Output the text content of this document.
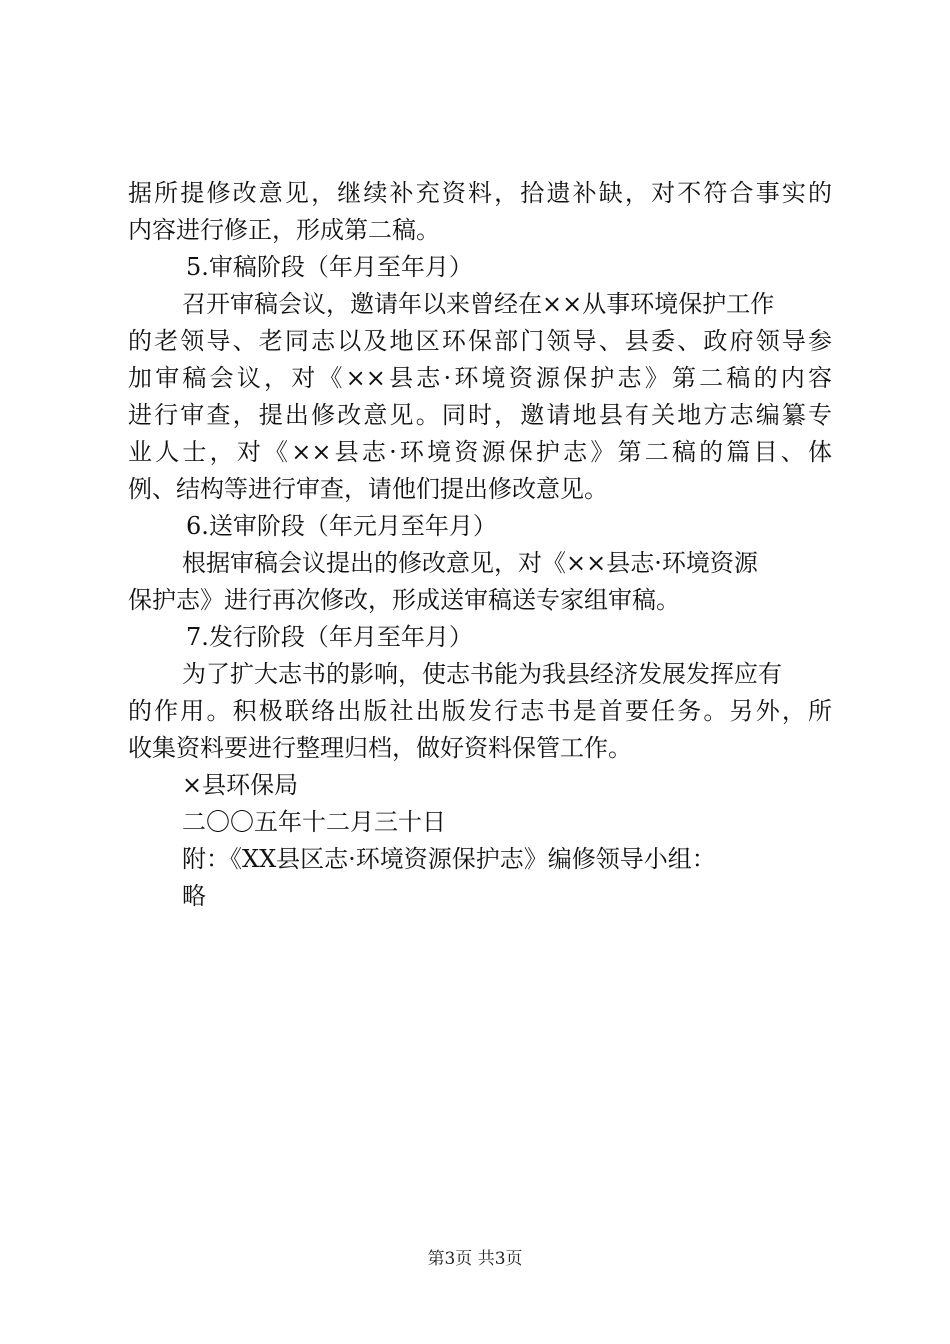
据所提修改意见，继续补充资料，拾遗补缺，对不符合事实的
内容进行修正，形成第二稿。
5.审稿阶段（年月至年月）
召开审稿会议，邀请年以来曾经在××从事环境保护工作
的老领导、老同志以及地区环保部门领导、县委、政府领导参
加审稿会议，对《××县志·环境资源保护志》第二稿的内容
进行审查，提出修改意见。同时，邀请地县有关地方志编纂专
业人士，对《××县志·环境资源保护志》第二稿的篇目、体
例、结构等进行审查，请他们提出修改意见。
6.送审阶段（年元月至年月）
根据审稿会议提出的修改意见，对《××县志·环境资源
保护志》进行再次修改，形成送审稿送专家组审稿。
7.发行阶段（年月至年月）
为了扩大志书的影响，使志书能为我县经济发展发挥应有
的作用。积极联络出版社出版发行志书是首要任务。另外，所
收集资料要进行整理归档，做好资料保管工作。
×县环保局
二〇〇五年十二月三十日
附：《XX县区志·环境资源保护志》编修领导小组：
略
第3页 共3页
